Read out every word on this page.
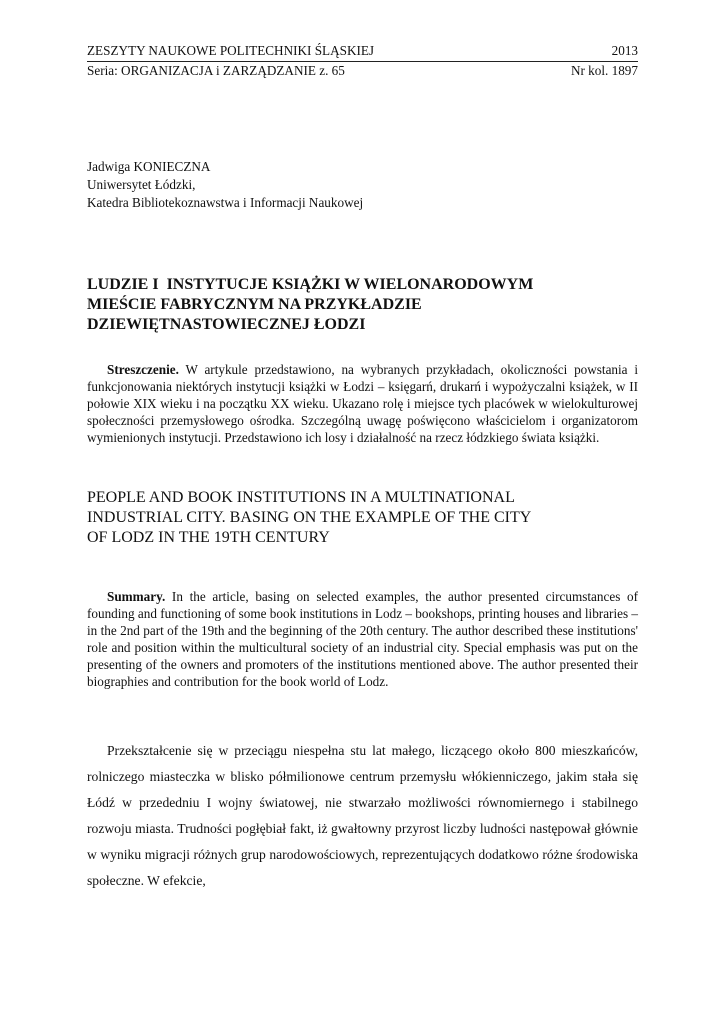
ZESZYTY NAUKOWE POLITECHNIKI ŚLĄSKIEJ	2013
Seria: ORGANIZACJA i ZARZĄDZANIE z. 65	Nr kol. 1897
Jadwiga KONIECZNA
Uniwersytet Łódzki,
Katedra Bibliotekoznawstwa i Informacji Naukowej
LUDZIE I  INSTYTUCJE KSIĄŻKI W WIELONARODOWYM
MIEŚCIE FABRYCZNYM NA PRZYKŁADZIE
DZIEWIĘTNASTOWIECZNEJ ŁODZI
Streszczenie. W artykule przedstawiono, na wybranych przykładach, okoliczności powstania i funkcjonowania niektórych instytucji książki w Łodzi – księgarń, drukarń i wypożyczalni książek, w II połowie XIX wieku i na początku XX wieku. Ukazano rolę i miejsce tych placówek w wielokulturowej społeczności przemysłowego ośrodka. Szczególną uwagę poświęcono właścicielom i organizatorom wymienionych instytucji. Przedstawiono ich losy i działalność na rzecz łódzkiego świata książki.
PEOPLE AND BOOK INSTITUTIONS IN A MULTINATIONAL
INDUSTRIAL CITY. BASING ON THE EXAMPLE OF THE CITY
OF LODZ IN THE 19TH CENTURY
Summary. In the article, basing on selected examples, the author presented circumstances of founding and functioning of some book institutions in Lodz – bookshops, printing houses and libraries – in the 2nd part of the 19th and the beginning of the 20th century. The author described these institutions' role and position within the multicultural society of an industrial city. Special emphasis was put on the presenting of the owners and promoters of the institutions mentioned above. The author presented their biographies and contribution for the book world of Lodz.
Przekształcenie się w przeciągu niespełna stu lat małego, liczącego około 800 mieszkańców, rolniczego miasteczka w blisko półmilionowe centrum przemysłu włókienniczego, jakim stała się Łódź w przededniu I wojny światowej, nie stwarzało możliwości równomiernego i stabilnego rozwoju miasta. Trudności pogłębiał fakt, iż gwałtowny przyrost liczby ludności następował głównie w wyniku migracji różnych grup narodowościowych, reprezentujących dodatkowo różne środowiska społeczne. W efekcie,
